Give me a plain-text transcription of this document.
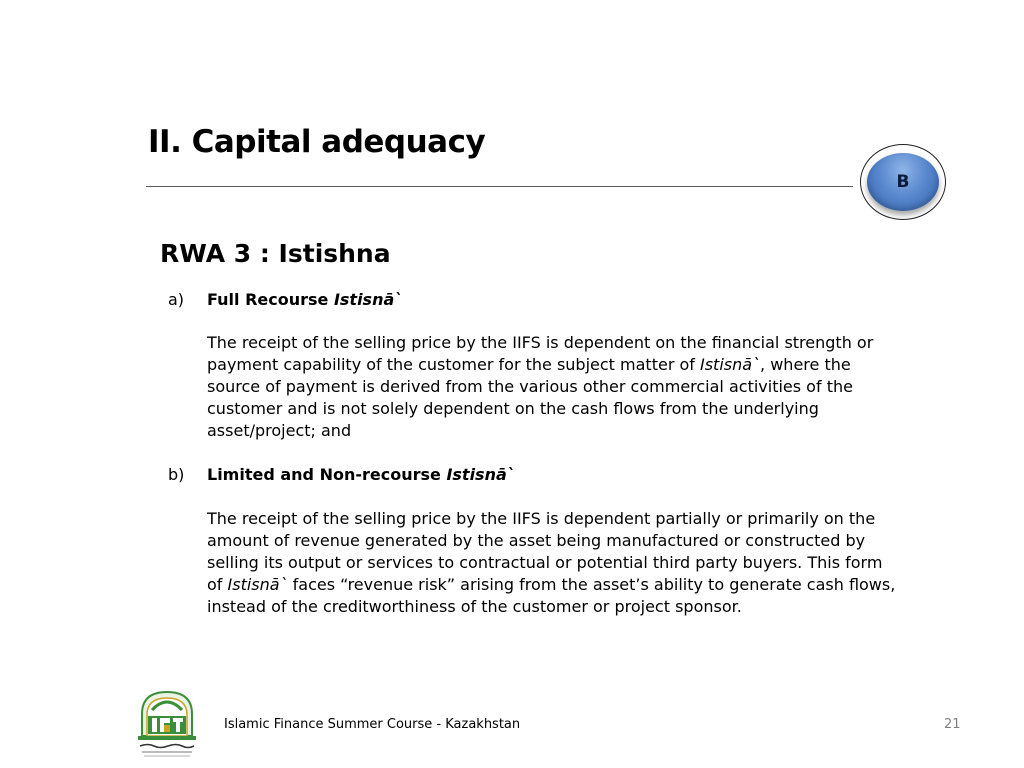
II. Capital adequacy
B
RWA 3 : Istishna
a) Full Recourse Istisnā`

The receipt of the selling price by the IIFS is dependent on the financial strength or payment capability of the customer for the subject matter of Istisnā`, where the source of payment is derived from the various other commercial activities of the customer and is not solely dependent on the cash flows from the underlying asset/project; and

b) Limited and Non-recourse Istisnā`

The receipt of the selling price by the IIFS is dependent partially or primarily on the amount of revenue generated by the asset being manufactured or constructed by selling its output or services to contractual or potential third party buyers. This form of Istisnā` faces “revenue risk” arising from the asset’s ability to generate cash flows, instead of the creditworthiness of the customer or project sponsor.

Islamic Finance Summer Course - Kazakhstan	21
